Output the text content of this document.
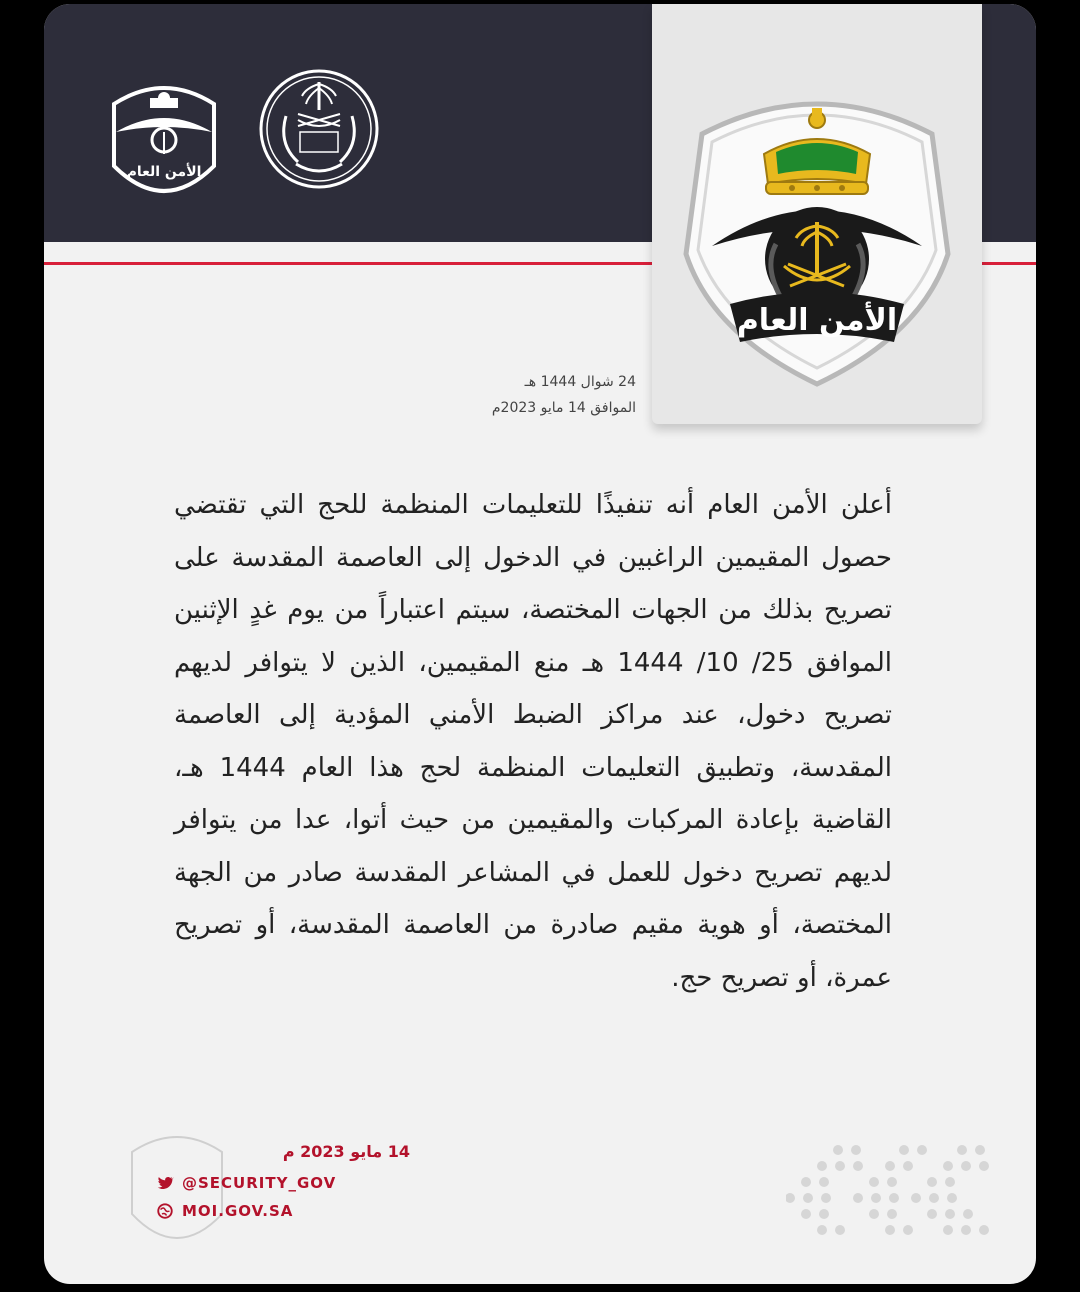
الأمن العام
الأمن العام
24 شوال 1444 هـ
الموافق 14 مايو 2023م
أعلن الأمن العام أنه تنفيذًا للتعليمات المنظمة للحج التي تقتضي حصول المقيمين الراغبين في الدخول إلى العاصمة المقدسة على تصريح بذلك من الجهات المختصة، سيتم اعتباراً من يوم غدٍ الإثنين الموافق 25/ 10/ 1444 هـ منع المقيمين، الذين لا يتوافر لديهم تصريح دخول، عند مراكز الضبط الأمني المؤدية إلى العاصمة المقدسة، وتطبيق التعليمات المنظمة لحج هذا العام 1444 هـ، القاضية بإعادة المركبات والمقيمين من حيث أتوا، عدا من يتوافر لديهم تصريح دخول للعمل في المشاعر المقدسة صادر من الجهة المختصة، أو هوية مقيم صادرة من العاصمة المقدسة، أو تصريح عمرة، أو تصريح حج.
14 مايو 2023 م
@SECURITY_GOV
MOI.GOV.SA
